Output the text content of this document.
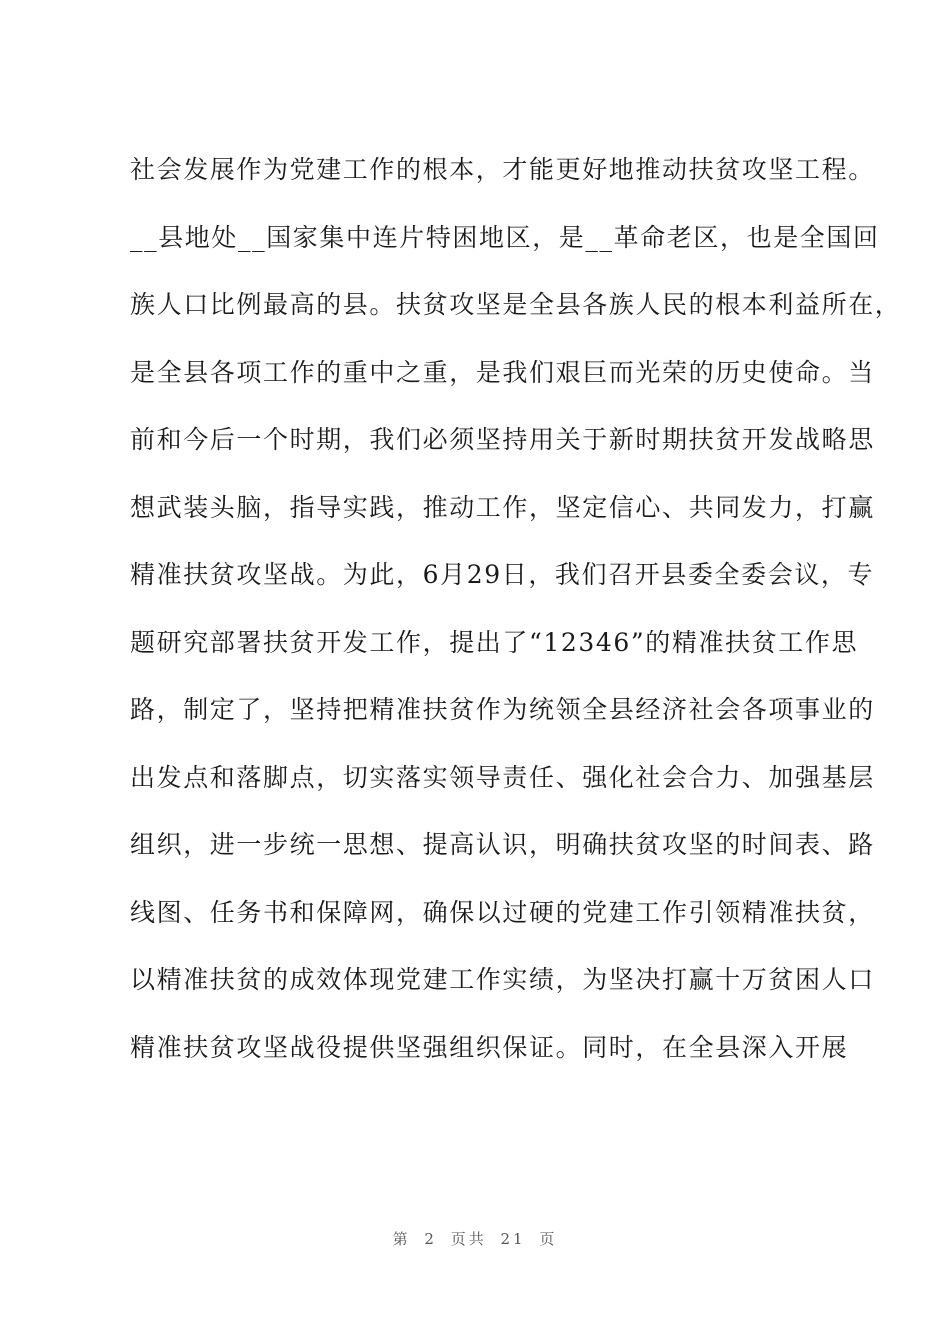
社会发展作为党建工作的根本，才能更好地推动扶贫攻坚工程。
__县地处__国家集中连片特困地区，是__革命老区，也是全国回
族人口比例最高的县。扶贫攻坚是全县各族人民的根本利益所在，
是全县各项工作的重中之重，是我们艰巨而光荣的历史使命。当
前和今后一个时期，我们必须坚持用关于新时期扶贫开发战略思
想武装头脑，指导实践，推动工作，坚定信心、共同发力，打赢
精准扶贫攻坚战。为此，6月29日，我们召开县委全委会议，专
题研究部署扶贫开发工作，提出了“12346”的精准扶贫工作思
路，制定了，坚持把精准扶贫作为统领全县经济社会各项事业的
出发点和落脚点，切实落实领导责任、强化社会合力、加强基层
组织，进一步统一思想、提高认识，明确扶贫攻坚的时间表、路
线图、任务书和保障网，确保以过硬的党建工作引领精准扶贫，
以精准扶贫的成效体现党建工作实绩，为坚决打赢十万贫困人口
精准扶贫攻坚战役提供坚强组织保证。同时，在全县深入开展
第 2 页共 21 页
